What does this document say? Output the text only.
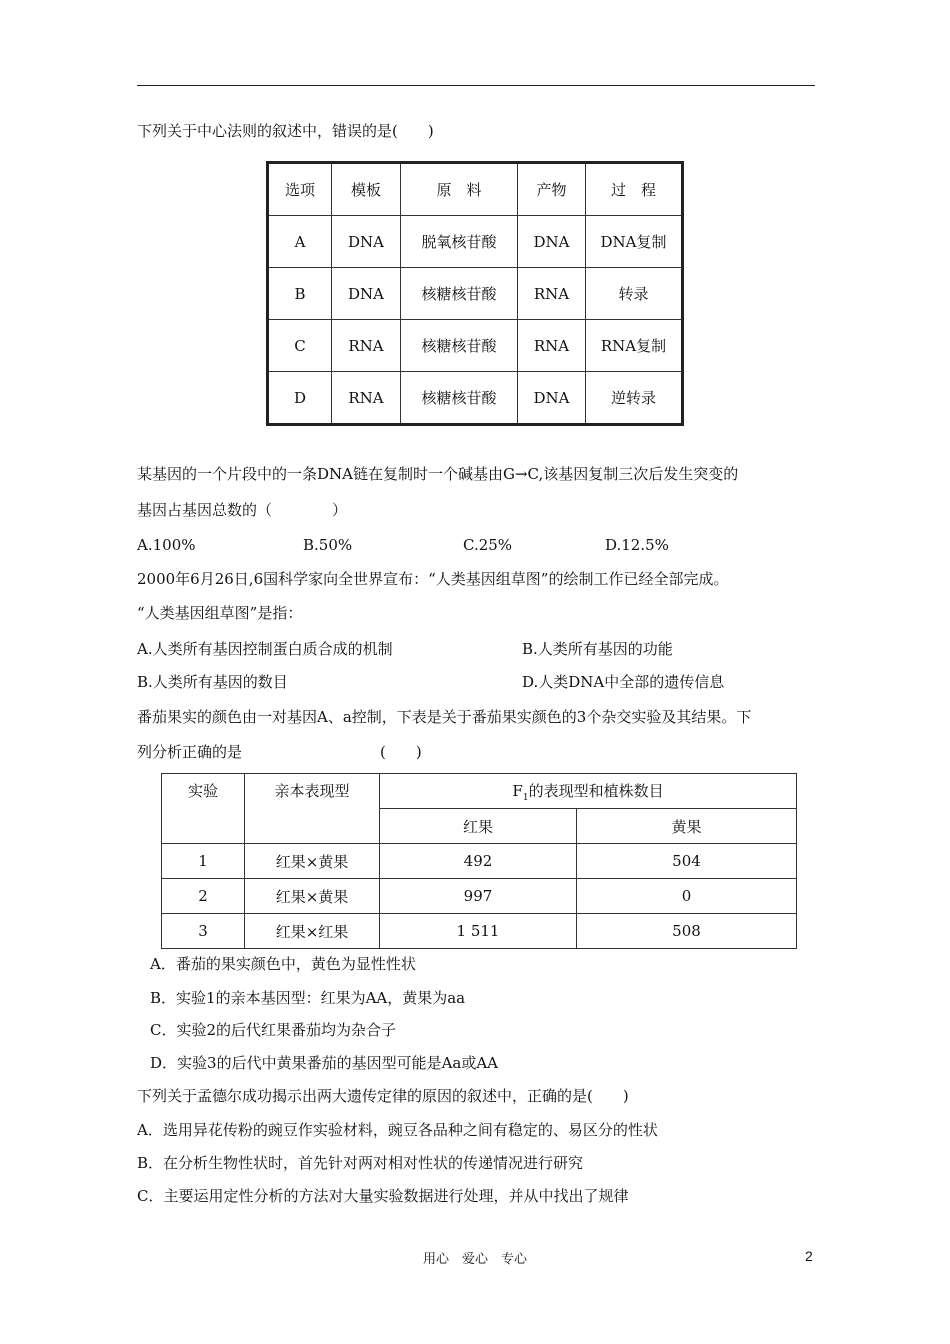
下列关于中心法则的叙述中，错误的是(　　)
选项	模板	原　料	产物	过　程
A	DNA	脱氧核苷酸	DNA	DNA复制
B	DNA	核糖核苷酸	RNA	转录
C	RNA	核糖核苷酸	RNA	RNA复制
D	RNA	核糖核苷酸	DNA	逆转录
某基因的一个片段中的一条DNA链在复制时一个碱基由G→C,该基因复制三次后发生突变的
基因占基因总数的（　　　　）
A.100%	B.50%	C.25%	D.12.5%
2000年6月26日,6国科学家向全世界宣布：“人类基因组草图”的绘制工作已经全部完成。
“人类基因组草图”是指：
A.人类所有基因控制蛋白质合成的机制	B.人类所有基因的功能
B.人类所有基因的数目	D.人类DNA中全部的遗传信息
番茄果实的颜色由一对基因A、a控制，下表是关于番茄果实颜色的3个杂交实验及其结果。下
列分析正确的是	(　　)
实验	亲本表现型	$F_1$的表现型和植株数目	
		红果	黄果
1	红果×黄果	492	504
2	红果×黄果	997	0
3	红果×红果	1 511	508
A．番茄的果实颜色中，黄色为显性性状
B．实验1的亲本基因型：红果为AA，黄果为aa
C．实验2的后代红果番茄均为杂合子
D．实验3的后代中黄果番茄的基因型可能是Aa或AA
下列关于孟德尔成功揭示出两大遗传定律的原因的叙述中，正确的是(　　)
A．选用异花传粉的豌豆作实验材料，豌豆各品种之间有稳定的、易区分的性状
B．在分析生物性状时，首先针对两对相对性状的传递情况进行研究
C．主要运用定性分析的方法对大量实验数据进行处理，并从中找出了规律
用心　爱心　专心	2
